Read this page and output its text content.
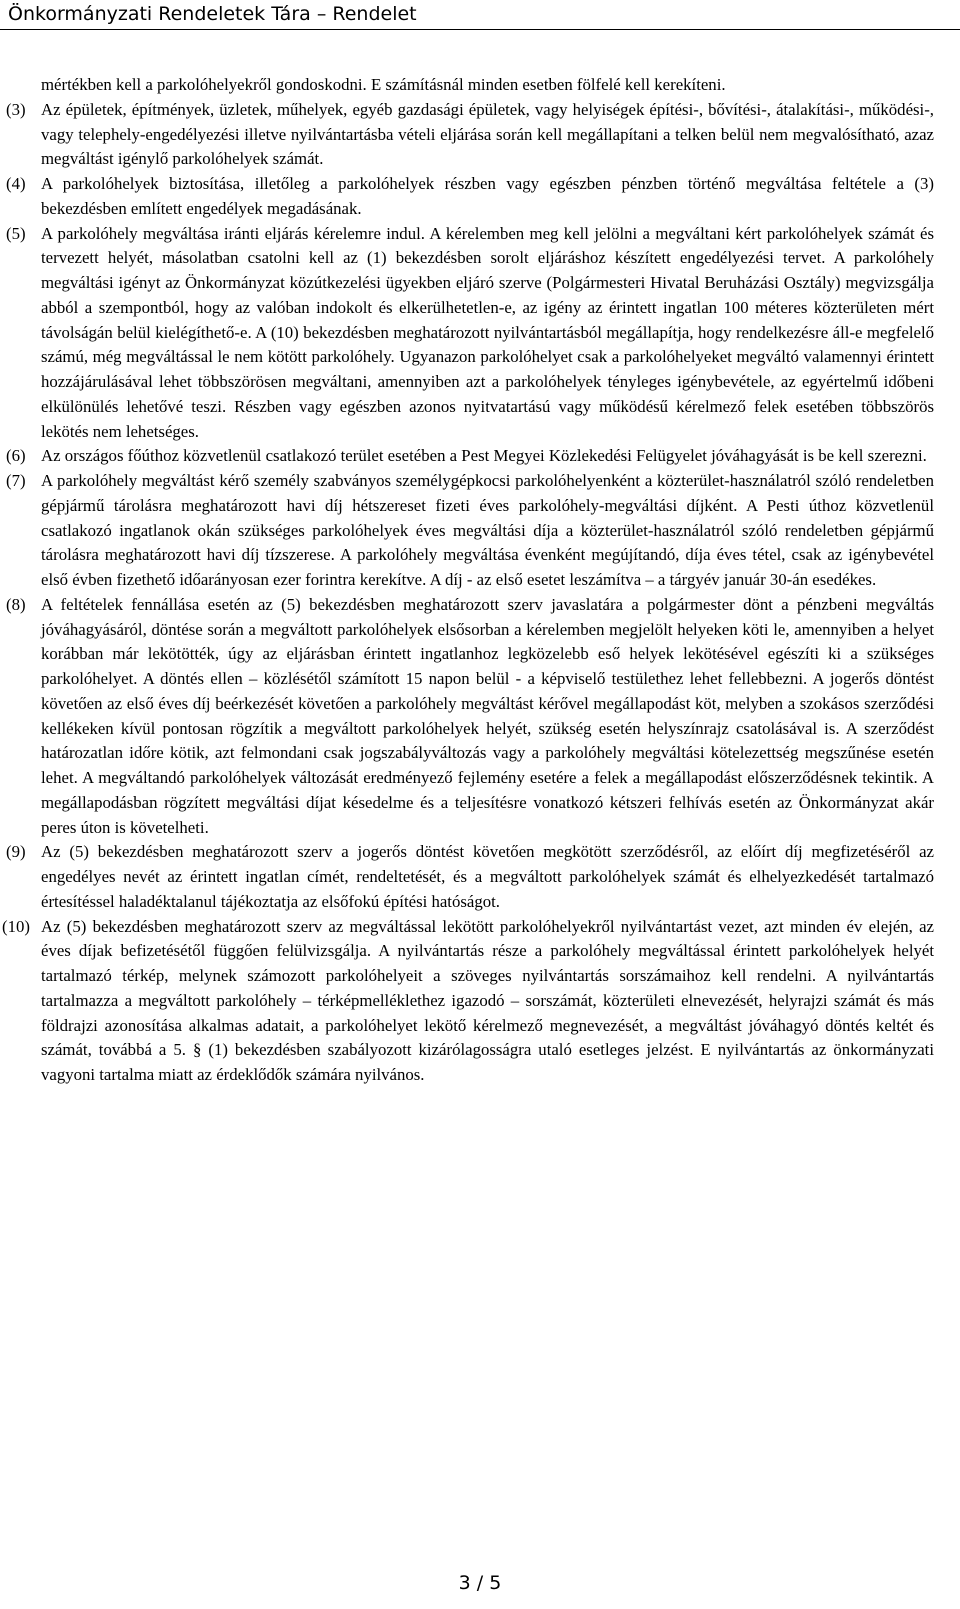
Önkormányzati Rendeletek Tára – Rendelet

mértékben kell a parkolóhelyekről gondoskodni. E számításnál minden esetben fölfelé kell kerekíteni.

(3) Az épületek, építmények, üzletek, műhelyek, egyéb gazdasági épületek, vagy helyiségek építési-, bővítési-, átalakítási-, működési-, vagy telephely-engedélyezési illetve nyilvántartásba vételi eljárása során kell megállapítani a telken belül nem megvalósítható, azaz megváltást igénylő parkolóhelyek számát.

(4) A parkolóhelyek biztosítása, illetőleg a parkolóhelyek részben vagy egészben pénzben történő megváltása feltétele a (3) bekezdésben említett engedélyek megadásának.

(5) A parkolóhely megváltása iránti eljárás kérelemre indul. A kérelemben meg kell jelölni a megváltani kért parkolóhelyek számát és tervezett helyét, másolatban csatolni kell az (1) bekezdésben sorolt eljáráshoz készített engedélyezési tervet. A parkolóhely megváltási igényt az Önkormányzat közútkezelési ügyekben eljáró szerve (Polgármesteri Hivatal Beruházási Osztály) megvizsgálja abból a szempontból, hogy az valóban indokolt és elkerülhetetlen-e, az igény az érintett ingatlan 100 méteres közterületen mért távolságán belül kielégíthető-e. A (10) bekezdésben meghatározott nyilvántartásból megállapítja, hogy rendelkezésre áll-e megfelelő számú, még megváltással le nem kötött parkolóhely. Ugyanazon parkolóhelyet csak a parkolóhelyeket megváltó valamennyi érintett hozzájárulásával lehet többszörösen megváltani, amennyiben azt a parkolóhelyek tényleges igénybevétele, az egyértelmű időbeni elkülönülés lehetővé teszi. Részben vagy egészben azonos nyitvatartású vagy működésű kérelmező felek esetében többszörös lekötés nem lehetséges.

(6) Az országos főúthoz közvetlenül csatlakozó terület esetében a Pest Megyei Közlekedési Felügyelet jóváhagyását is be kell szerezni.

(7) A parkolóhely megváltást kérő személy szabványos személygépkocsi parkolóhelyenként a közterület-használatról szóló rendeletben gépjármű tárolásra meghatározott havi díj hétszereset fizeti éves parkolóhely-megváltási díjként. A Pesti úthoz közvetlenül csatlakozó ingatlanok okán szükséges parkolóhelyek éves megváltási díja a közterület-használatról szóló rendeletben gépjármű tárolásra meghatározott havi díj tízszerese. A parkolóhely megváltása évenként megújítandó, díja éves tétel, csak az igénybevétel első évben fizethető időarányosan ezer forintra kerekítve. A díj - az első esetet leszámítva – a tárgyév január 30-án esedékes.

(8) A feltételek fennállása esetén az (5) bekezdésben meghatározott szerv javaslatára a polgármester dönt a pénzbeni megváltás jóváhagyásáról, döntése során a megváltott parkolóhelyek elsősorban a kérelemben megjelölt helyeken köti le, amennyiben a helyet korábban már lekötötték, úgy az eljárásban érintett ingatlanhoz legközelebb eső helyek lekötésével egészíti ki a szükséges parkolóhelyet. A döntés ellen – közlésétől számított 15 napon belül - a képviselő testülethez lehet fellebbezni. A jogerős döntést követően az első éves díj beérkezését követően a parkolóhely megváltást kérővel megállapodást köt, melyben a szokásos szerződési kellékeken kívül pontosan rögzítik a megváltott parkolóhelyek helyét, szükség esetén helyszínrajz csatolásával is. A szerződést határozatlan időre kötik, azt felmondani csak jogszabályváltozás vagy a parkolóhely megváltási kötelezettség megszűnése esetén lehet. A megváltandó parkolóhelyek változását eredményező fejlemény esetére a felek a megállapodást előszerződésnek tekintik. A megállapodásban rögzített megváltási díjat késedelme és a teljesítésre vonatkozó kétszeri felhívás esetén az Önkormányzat akár peres úton is követelheti.

(9) Az (5) bekezdésben meghatározott szerv a jogerős döntést követően megkötött szerződésről, az előírt díj megfizetéséről az engedélyes nevét az érintett ingatlan címét, rendeltetését, és a megváltott parkolóhelyek számát és elhelyezkedését tartalmazó értesítéssel haladéktalanul tájékoztatja az elsőfokú építési hatóságot.

(10) Az (5) bekezdésben meghatározott szerv az megváltással lekötött parkolóhelyekről nyilvántartást vezet, azt minden év elején, az éves díjak befizetésétől függően felülvizsgálja. A nyilvántartás része a parkolóhely megváltással érintett parkolóhelyek helyét tartalmazó térkép, melynek számozott parkolóhelyeit a szöveges nyilvántartás sorszámaihoz kell rendelni. A nyilvántartás tartalmazza a megváltott parkolóhely – térképmelléklethez igazodó – sorszámát, közterületi elnevezését, helyrajzi számát és más földrajzi azonosítása alkalmas adatait, a parkolóhelyet lekötő kérelmező megnevezését, a megváltást jóváhagyó döntés keltét és számát, továbbá a 5. § (1) bekezdésben szabályozott kizárólagosságra utaló esetleges jelzést. E nyilvántartás az önkormányzati vagyoni tartalma miatt az érdeklődők számára nyilvános.

3 / 5
